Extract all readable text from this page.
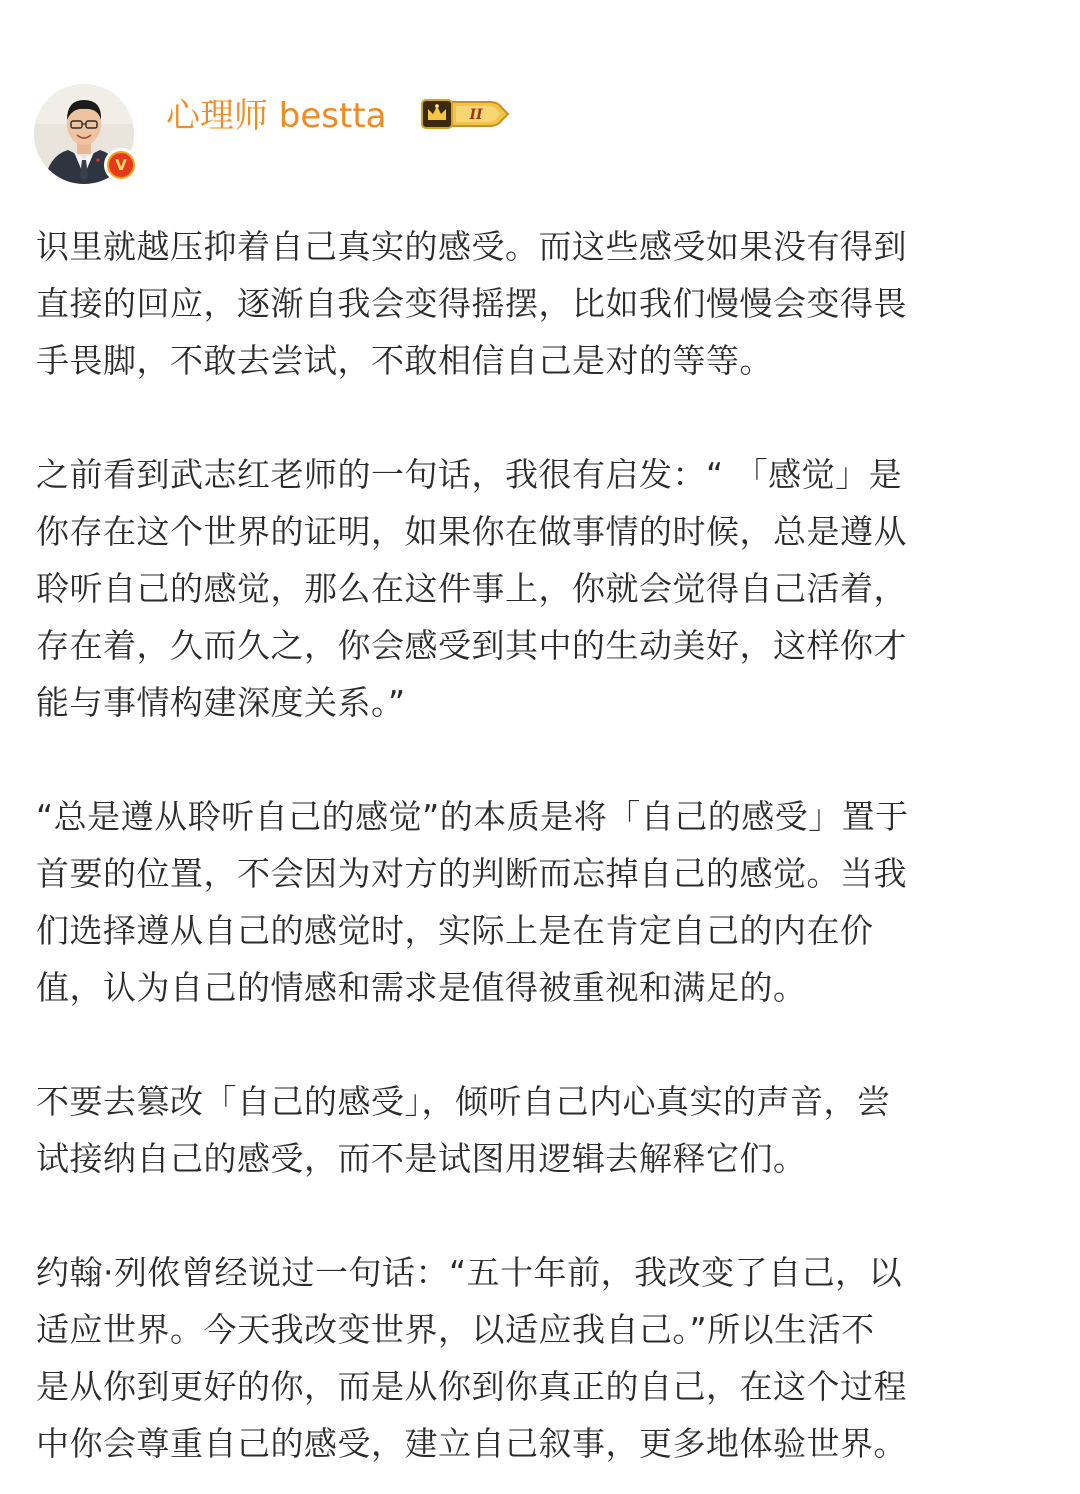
V
心理师 bestta	II

识里就越压抑着自己真实的感受。而这些感受如果没有得到
直接的回应，逐渐自我会变得摇摆，比如我们慢慢会变得畏
手畏脚，不敢去尝试，不敢相信自己是对的等等。

之前看到武志红老师的一句话，我很有启发：“ 「感觉」是
你存在这个世界的证明，如果你在做事情的时候，总是遵从
聆听自己的感觉，那么在这件事上，你就会觉得自己活着，
存在着，久而久之，你会感受到其中的生动美好，这样你才
能与事情构建深度关系。”

“总是遵从聆听自己的感觉”的本质是将「自己的感受」置于
首要的位置，不会因为对方的判断而忘掉自己的感觉。当我
们选择遵从自己的感觉时，实际上是在肯定自己的内在价
值，认为自己的情感和需求是值得被重视和满足的。

不要去篡改「自己的感受」，倾听自己内心真实的声音，尝
试接纳自己的感受，而不是试图用逻辑去解释它们。

约翰·列侬曾经说过一句话：“五十年前，我改变了自己，以
适应世界。今天我改变世界，以适应我自己。”所以生活不
是从你到更好的你，而是从你到你真正的自己，在这个过程
中你会尊重自己的感受，建立自己叙事，更多地体验世界。
